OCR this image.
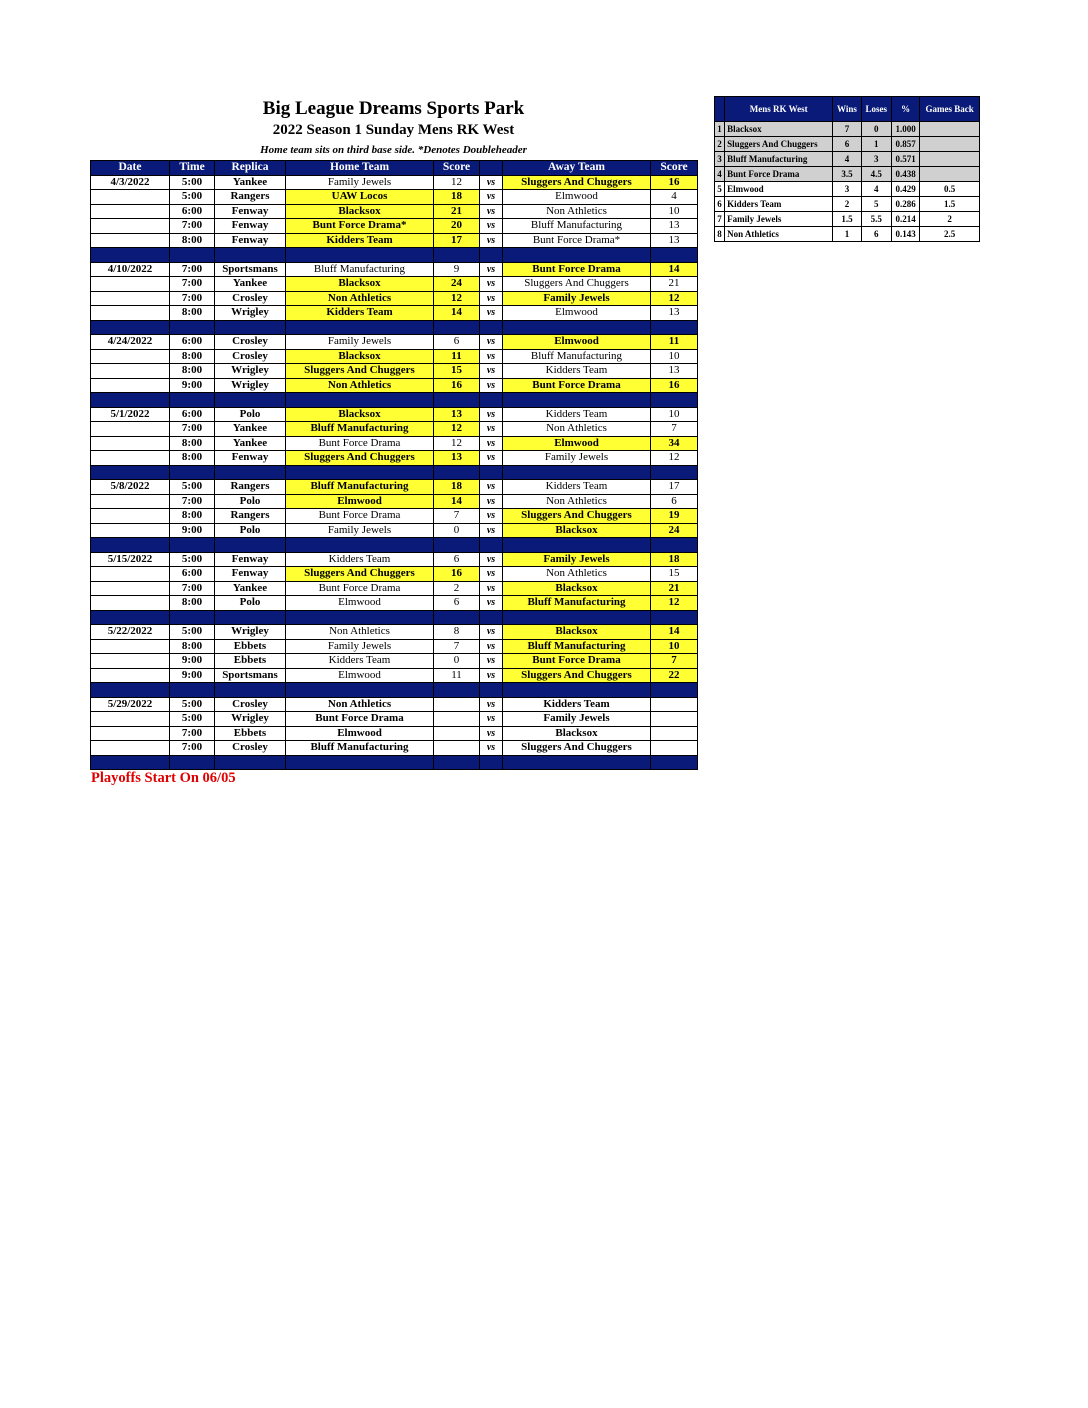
Big League Dreams Sports Park
2022 Season 1 Sunday Mens RK West
Home team sits on third base side. *Denotes Doubleheader
Date	Time	Replica	Home Team	Score		Away Team	Score
4/3/2022	5:00	Yankee	Family Jewels	12	vs	Sluggers And Chuggers	16
	5:00	Rangers	UAW Locos	18	vs	Elmwood	4
	6:00	Fenway	Blacksox	21	vs	Non Athletics	10
	7:00	Fenway	Bunt Force Drama*	20	vs	Bluff Manufacturing	13
	8:00	Fenway	Kidders Team	17	vs	Bunt Force Drama*	13

4/10/2022	7:00	Sportsmans	Bluff Manufacturing	9	vs	Bunt Force Drama	14
	7:00	Yankee	Blacksox	24	vs	Sluggers And Chuggers	21
	7:00	Crosley	Non Athletics	12	vs	Family Jewels	12
	8:00	Wrigley	Kidders Team	14	vs	Elmwood	13

4/24/2022	6:00	Crosley	Family Jewels	6	vs	Elmwood	11
	8:00	Crosley	Blacksox	11	vs	Bluff Manufacturing	10
	8:00	Wrigley	Sluggers And Chuggers	15	vs	Kidders Team	13
	9:00	Wrigley	Non Athletics	16	vs	Bunt Force Drama	16

5/1/2022	6:00	Polo	Blacksox	13	vs	Kidders Team	10
	7:00	Yankee	Bluff Manufacturing	12	vs	Non Athletics	7
	8:00	Yankee	Bunt Force Drama	12	vs	Elmwood	34
	8:00	Fenway	Sluggers And Chuggers	13	vs	Family Jewels	12

5/8/2022	5:00	Rangers	Bluff Manufacturing	18	vs	Kidders Team	17
	7:00	Polo	Elmwood	14	vs	Non Athletics	6
	8:00	Rangers	Bunt Force Drama	7	vs	Sluggers And Chuggers	19
	9:00	Polo	Family Jewels	0	vs	Blacksox	24

5/15/2022	5:00	Fenway	Kidders Team	6	vs	Family Jewels	18
	6:00	Fenway	Sluggers And Chuggers	16	vs	Non Athletics	15
	7:00	Yankee	Bunt Force Drama	2	vs	Blacksox	21
	8:00	Polo	Elmwood	6	vs	Bluff Manufacturing	12

5/22/2022	5:00	Wrigley	Non Athletics	8	vs	Blacksox	14
	8:00	Ebbets	Family Jewels	7	vs	Bluff Manufacturing	10
	9:00	Ebbets	Kidders Team	0	vs	Bunt Force Drama	7
	9:00	Sportsmans	Elmwood	11	vs	Sluggers And Chuggers	22

5/29/2022	5:00	Crosley	Non Athletics		vs	Kidders Team	
	5:00	Wrigley	Bunt Force Drama		vs	Family Jewels	
	7:00	Ebbets	Elmwood		vs	Blacksox	
	7:00	Crosley	Bluff Manufacturing		vs	Sluggers And Chuggers	

Playoffs Start On 06/05
	Mens RK West	Wins	Loses	%	Games Back
1	Blacksox	7	0	1.000	
2	Sluggers And Chuggers	6	1	0.857	
3	Bluff Manufacturing	4	3	0.571	
4	Bunt Force Drama	3.5	4.5	0.438	
5	Elmwood	3	4	0.429	0.5
6	Kidders Team	2	5	0.286	1.5
7	Family Jewels	1.5	5.5	0.214	2
8	Non Athletics	1	6	0.143	2.5
